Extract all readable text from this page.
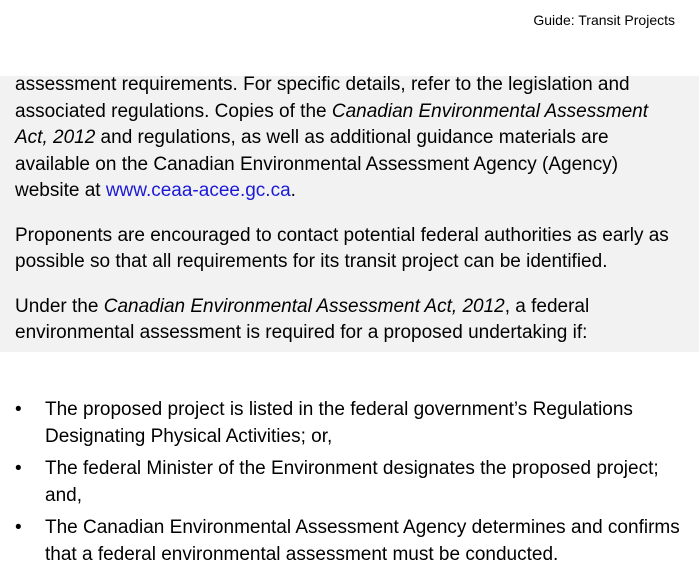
Guide: Transit Projects

assessment requirements. For specific details, refer to the legislation and associated regulations. Copies of the Canadian Environmental Assessment Act, 2012 and regulations, as well as additional guidance materials are available on the Canadian Environmental Assessment Agency (Agency) website at www.ceaa-acee.gc.ca.

Proponents are encouraged to contact potential federal authorities as early as possible so that all requirements for its transit project can be identified.

Under the Canadian Environmental Assessment Act, 2012, a federal environmental assessment is required for a proposed undertaking if:

• The proposed project is listed in the federal government’s Regulations Designating Physical Activities; or,
• The federal Minister of the Environment designates the proposed project; and,
• The Canadian Environmental Assessment Agency determines and confirms that a federal environmental assessment must be conducted.
